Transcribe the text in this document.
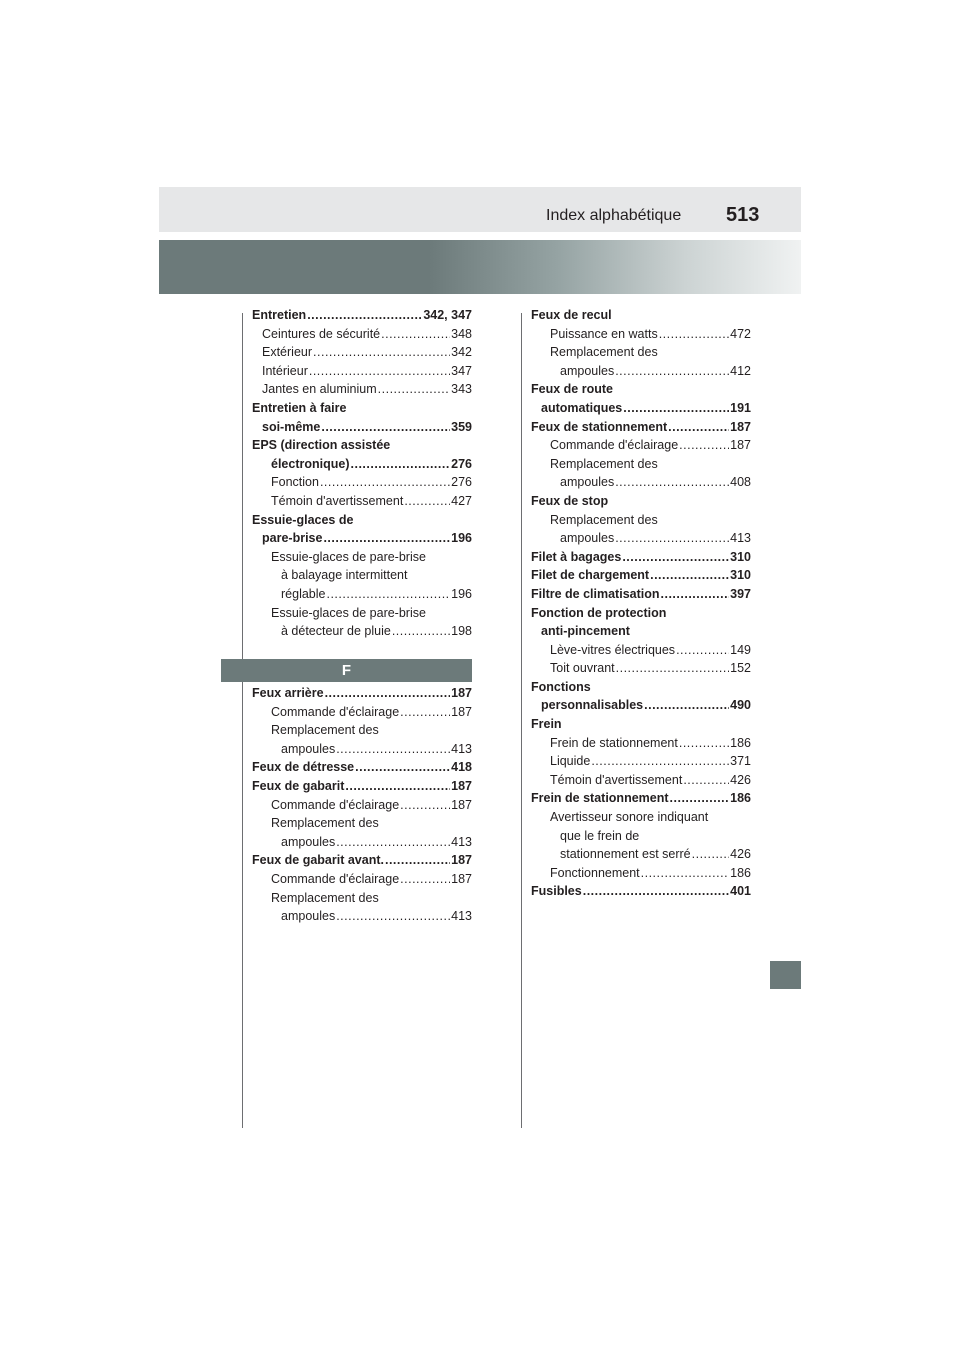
Index alphabétique 513
Entretien .....	342, 347
Ceintures de sécurité .....	348
Extérieur .....	342
Intérieur .....	347
Jantes en aluminium .....	343
Entretien à faire
soi-même .....	359
EPS (direction assistée
électronique) .....	276
Fonction .....	276
Témoin d'avertissement .....	427
Essuie-glaces de
pare-brise .....	196
Essuie-glaces de pare-brise
à balayage intermittent
réglable .....	196
Essuie-glaces de pare-brise
à détecteur de pluie .....	198
F
Feux arrière .....	187
Commande d'éclairage .....	187
Remplacement des
ampoules .....	413
Feux de détresse .....	418
Feux de gabarit .....	187
Commande d'éclairage .....	187
Remplacement des
ampoules .....	413
Feux de gabarit avant. .....	187
Commande d'éclairage .....	187
Remplacement des
ampoules .....	413
Feux de recul
Puissance en watts .....	472
Remplacement des
ampoules .....	412
Feux de route
automatiques .....	191
Feux de stationnement .....	187
Commande d'éclairage .....	187
Remplacement des
ampoules .....	408
Feux de stop
Remplacement des
ampoules .....	413
Filet à bagages .....	310
Filet de chargement .....	310
Filtre de climatisation .....	397
Fonction de protection
anti-pincement
Lève-vitres électriques .....	149
Toit ouvrant .....	152
Fonctions
personnalisables .....	490
Frein
Frein de stationnement .....	186
Liquide .....	371
Témoin d'avertissement .....	426
Frein de stationnement .....	186
Avertisseur sonore indiquant
que le frein de
stationnement est serré .....	426
Fonctionnement .....	186
Fusibles .....	401
